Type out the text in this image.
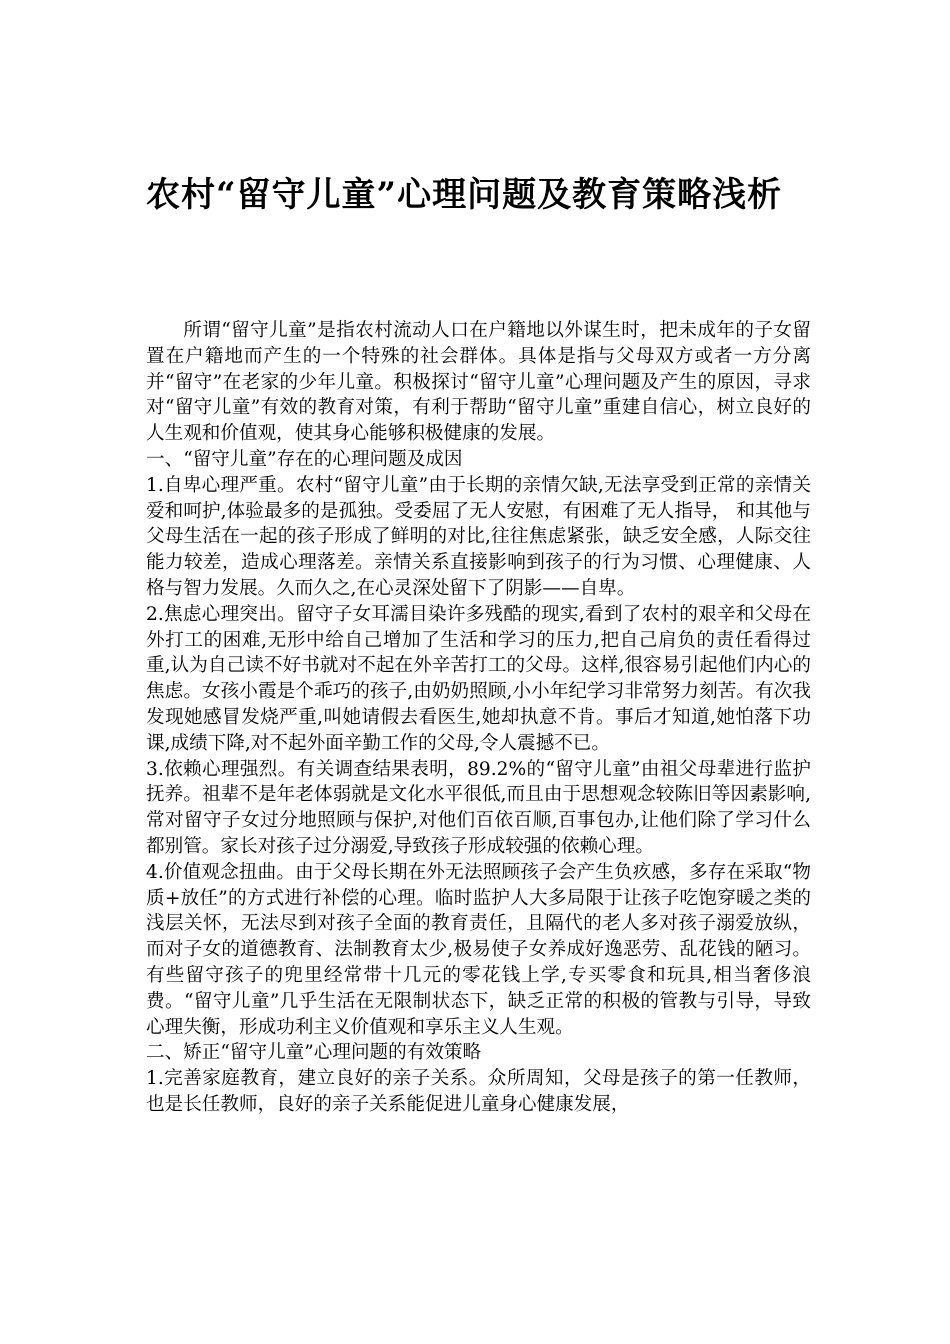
农村“留守儿童”心理问题及教育策略浅析

所谓“留守儿童”是指农村流动人口在户籍地以外谋生时，把未成年的子女留置在户籍地而产生的一个特殊的社会群体。具体是指与父母双方或者一方分离并“留守”在老家的少年儿童。积极探讨“留守儿童”心理问题及产生的原因，寻求对“留守儿童”有效的教育对策，有利于帮助“留守儿童”重建自信心，树立良好的人生观和价值观，使其身心能够积极健康的发展。

一、“留守儿童”存在的心理问题及成因

1.自卑心理严重。农村“留守儿童”由于长期的亲情欠缺,无法享受到正常的亲情关爱和呵护,体验最多的是孤独。受委屈了无人安慰，有困难了无人指导， 和其他与父母生活在一起的孩子形成了鲜明的对比,往往焦虑紧张，缺乏安全感，人际交往能力较差，造成心理落差。亲情关系直接影响到孩子的行为习惯、心理健康、人格与智力发展。久而久之,在心灵深处留下了阴影——自卑。

2.焦虑心理突出。留守子女耳濡目染许多残酷的现实,看到了农村的艰辛和父母在外打工的困难,无形中给自己增加了生活和学习的压力,把自己肩负的责任看得过重,认为自己读不好书就对不起在外辛苦打工的父母。这样,很容易引起他们内心的焦虑。女孩小霞是个乖巧的孩子,由奶奶照顾,小小年纪学习非常努力刻苦。有次我发现她感冒发烧严重,叫她请假去看医生,她却执意不肯。事后才知道,她怕落下功课,成绩下降,对不起外面辛勤工作的父母,令人震撼不已。

3.依赖心理强烈。有关调查结果表明，89.2%的“留守儿童”由祖父母辈进行监护抚养。祖辈不是年老体弱就是文化水平很低,而且由于思想观念较陈旧等因素影响,常对留守子女过分地照顾与保护,对他们百依百顺,百事包办,让他们除了学习什么都别管。家长对孩子过分溺爱,导致孩子形成较强的依赖心理。

4.价值观念扭曲。由于父母长期在外无法照顾孩子会产生负疚感，多存在采取“物质+放任”的方式进行补偿的心理。临时监护人大多局限于让孩子吃饱穿暖之类的浅层关怀，无法尽到对孩子全面的教育责任，且隔代的老人多对孩子溺爱放纵，而对子女的道德教育、法制教育太少,极易使子女养成好逸恶劳、乱花钱的陋习。有些留守孩子的兜里经常带十几元的零花钱上学,专买零食和玩具,相当奢侈浪费。“留守儿童”几乎生活在无限制状态下，缺乏正常的积极的管教与引导，导致心理失衡，形成功利主义价值观和享乐主义人生观。

二、矫正“留守儿童”心理问题的有效策略

1.完善家庭教育，建立良好的亲子关系。众所周知，父母是孩子的第一任教师，也是长任教师，良好的亲子关系能促进儿童身心健康发展，
